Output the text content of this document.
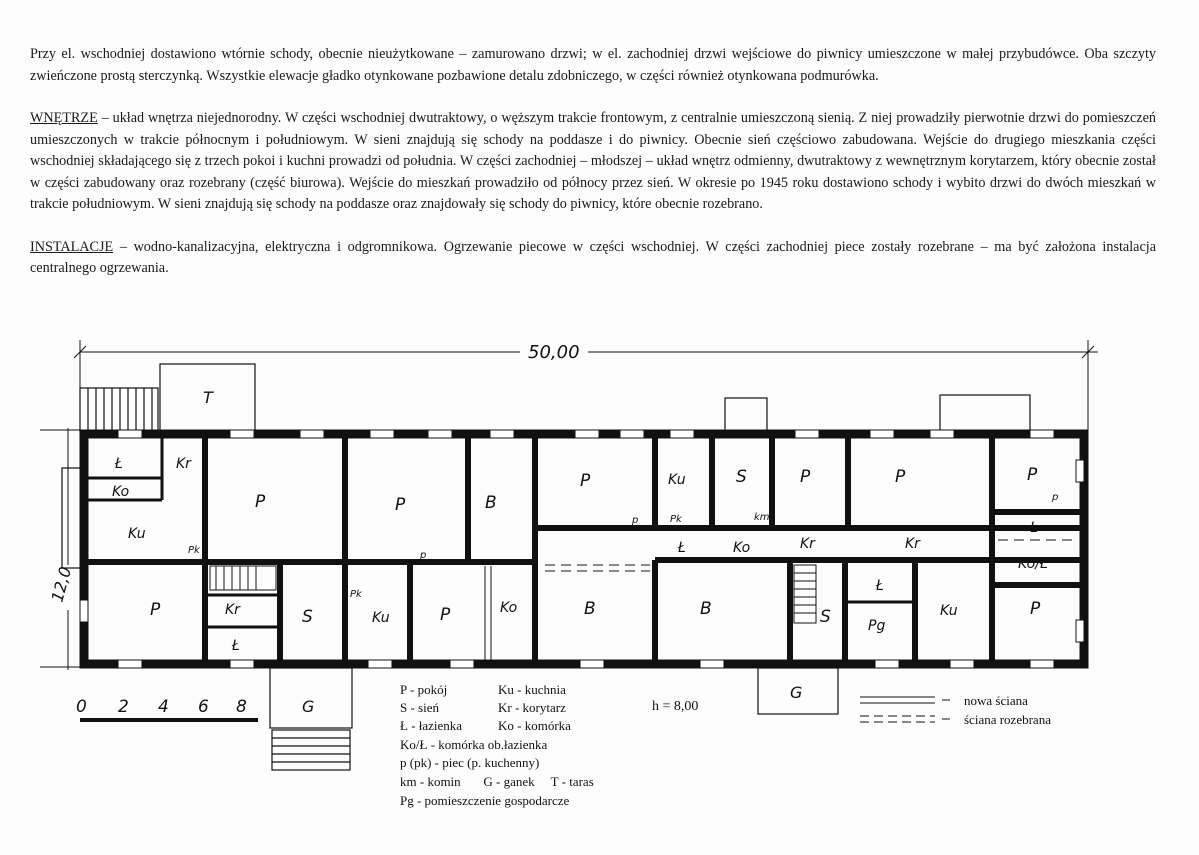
Przy el. wschodniej dostawiono wtórnie schody, obecnie nieużytkowane – zamurowano drzwi; w el. zachodniej drzwi wejściowe do piwnicy umieszczone w małej przybudówce. Oba szczyty zwieńczone prostą sterczynką. Wszystkie elewacje gładko otynkowane pozbawione detalu zdobniczego, w części również otynkowana podmurówka.

WNĘTRZE – układ wnętrza niejednorodny. W części wschodniej dwutraktowy, o węższym trakcie frontowym, z centralnie umieszczoną sienią. Z niej prowadziły pierwotnie drzwi do pomieszczeń umieszczonych w trakcie północnym i południowym. W sieni znajdują się schody na poddasze i do piwnicy. Obecnie sień częściowo zabudowana. Wejście do drugiego mieszkania części wschodniej składającego się z trzech pokoi i kuchni prowadzi od południa. W części zachodniej – młodszej – układ wnętrz odmienny, dwutraktowy z wewnętrznym korytarzem, który obecnie został w części zabudowany oraz rozebrany (część biurowa). Wejście do mieszkań prowadziło od północy przez sień. W okresie po 1945 roku dostawiono schody i wybito drzwi do dwóch mieszkań w trakcie południowym. W sieni znajdują się schody na poddasze oraz znajdowały się schody do piwnicy, które obecnie rozebrano.

INSTALACJE – wodno-kanalizacyjna, elektryczna i odgromnikowa. Ogrzewanie piecowe w części wschodniej. W części zachodniej piece zostały rozebrane – ma być założona instalacja centralnego ogrzewania.

50,00
12,0
T
G
G
Ł	Kr
Ko
Ku
Pk
P	P	B
P	Ku	S	P	P	P
p
p	Pk	km
Ł	Ko	Kr	Kr
Ł
Ko/Ł
P
p
Pk
Kr
Ł
S	Ku	P	Ko	B	B	S
Ł
Pg
Ku	P
0 2 4 6 8
P - pokój
S - sień
Ł - łazienka
Ku - kuchnia
Kr - korytarz
Ko - komórka
Ko/Ł - komórka ob.łazienka
p (pk) - piec (p. kuchenny)
km - komin       G - ganek     T - taras
Pg - pomieszczenie gospodarcze
h = 8,00	nowa ściana
ściana rozebrana
